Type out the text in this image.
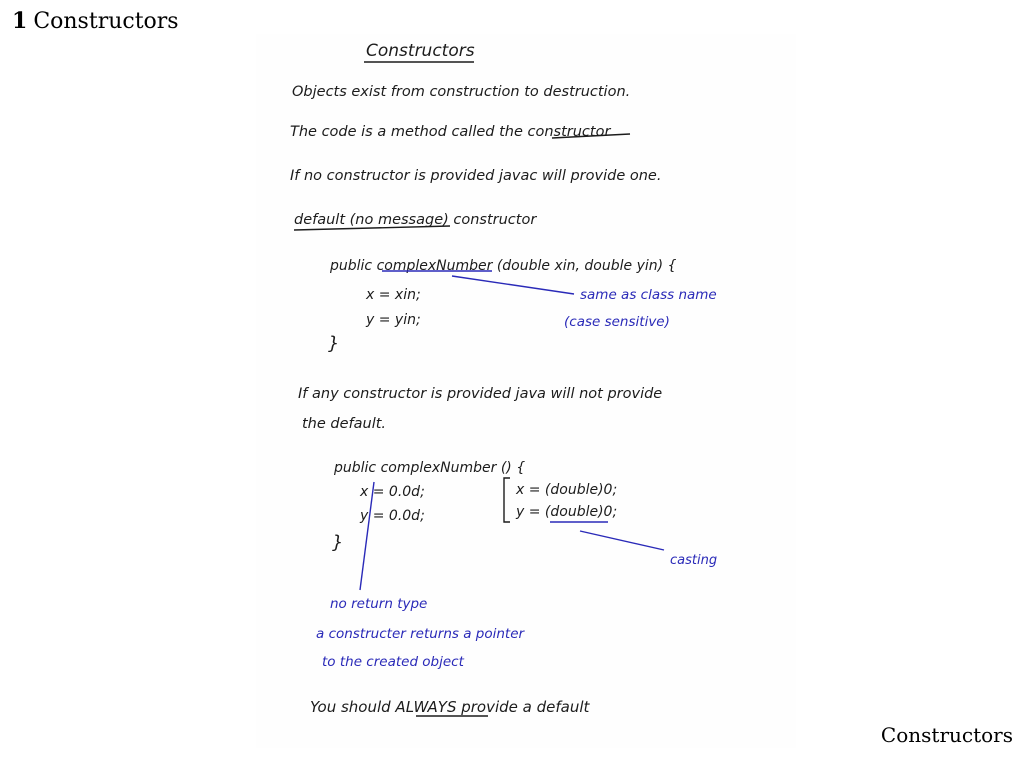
1 Constructors
Constructors
Objects exist from construction to destruction.
The code is a method called the constructor
If no constructor is provided javac will provide one.
default (no message) constructor
public complexNumber (double xin, double yin) {
x = xin;
y = yin;
}
same as class name
(case sensitive)
If any constructor is provided java will not provide
the default.
public complexNumber () {
x = 0.0d;
y = 0.0d;
}
x = (double)0;
y = (double)0;
casting
no return type
a constructer returns a pointer
to the created object
You should ALWAYS provide a default
Constructors
